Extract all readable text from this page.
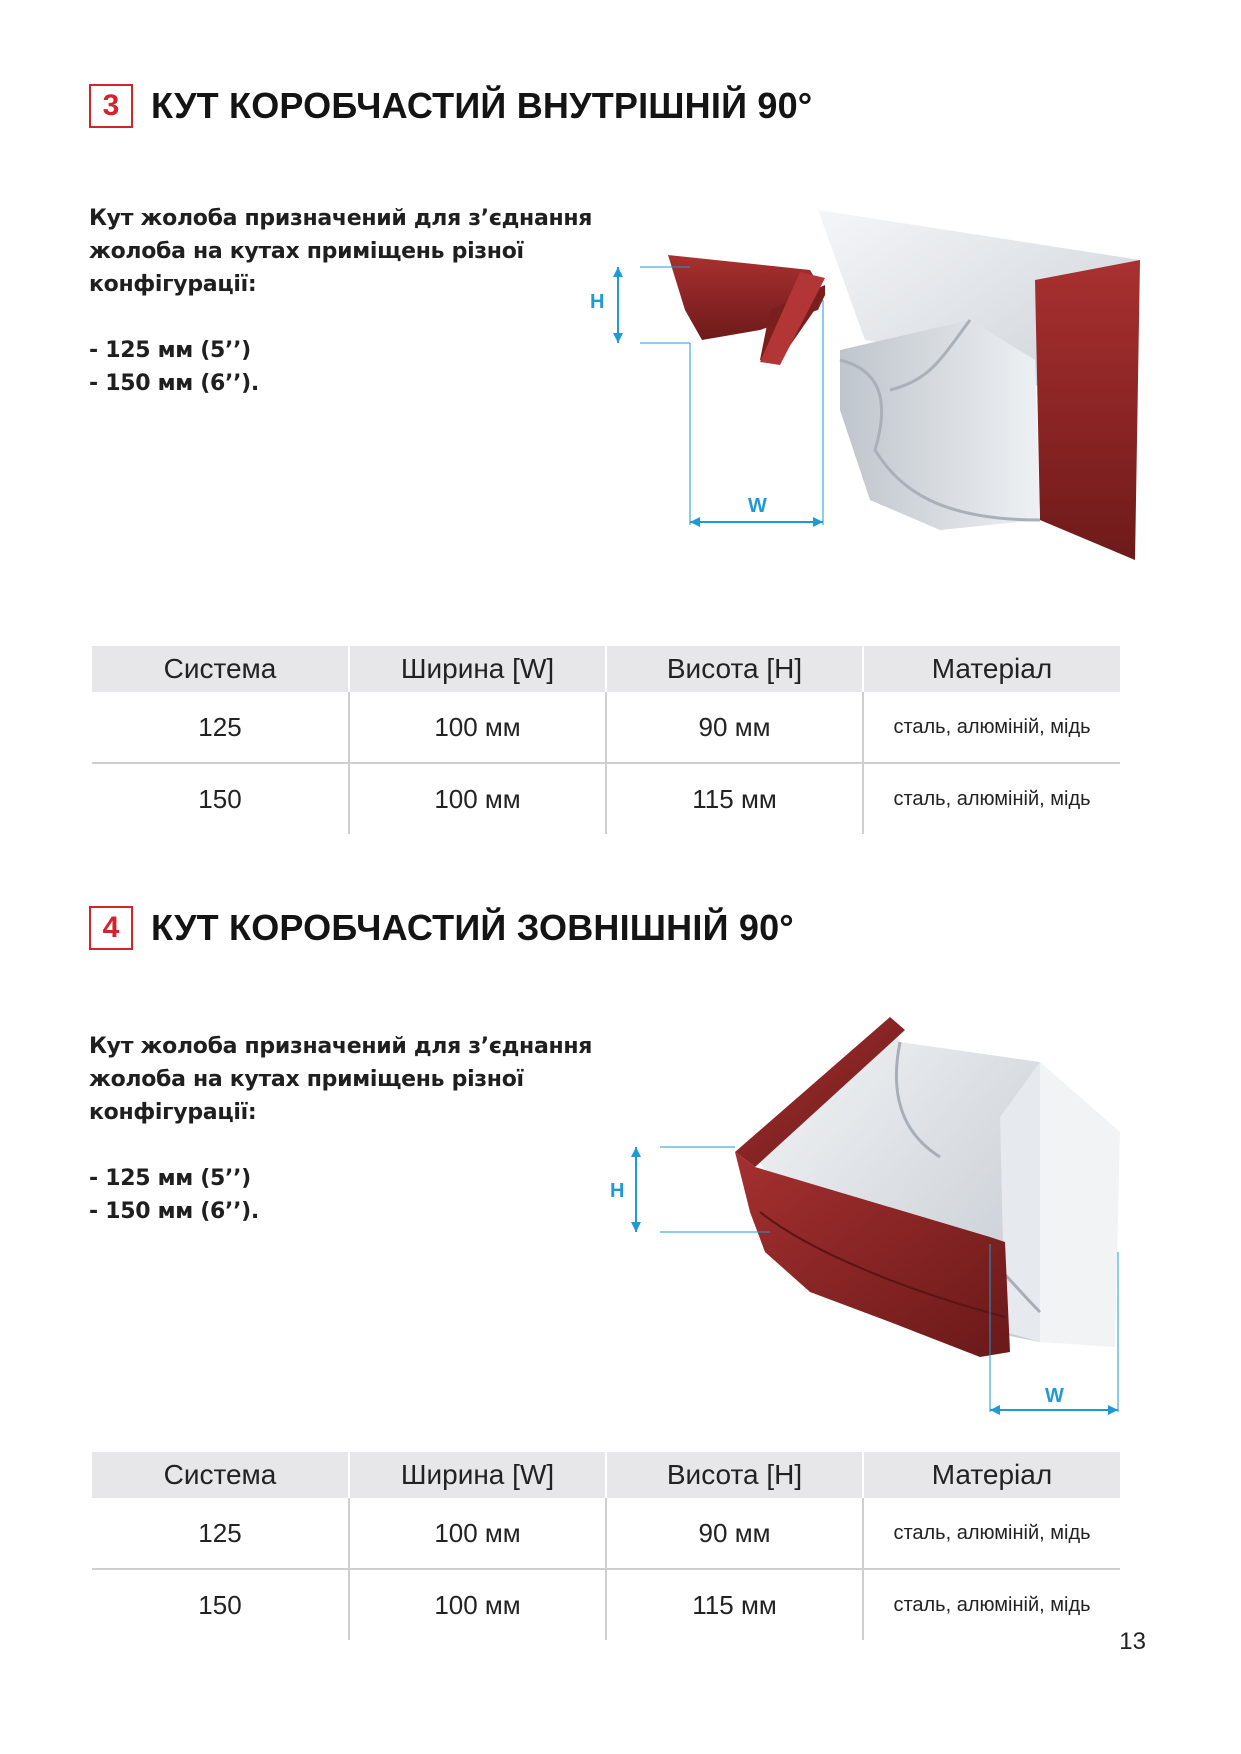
3 КУТ КОРОБЧАСТИЙ ВНУТРІШНІЙ 90°

Кут жолоба призначений для з’єднання

жолоба на кутах приміщень різної

конфігурації:

- 125 мм (5’’)

- 150 мм (6’’).

H
W
Система	Ширина [W]	Висота [H]	Матеріал
125	100 мм	90 мм	сталь, алюміній, мідь
150	100 мм	115 мм	сталь, алюміній, мідь
4 КУТ КОРОБЧАСТИЙ ЗОВНІШНІЙ 90°

Кут жолоба призначений для з’єднання

жолоба на кутах приміщень різної

конфігурації:

- 125 мм (5’’)

- 150 мм (6’’).

H
W
Система	Ширина [W]	Висота [H]	Матеріал
125	100 мм	90 мм	сталь, алюміній, мідь
150	100 мм	115 мм	сталь, алюміній, мідь
13
